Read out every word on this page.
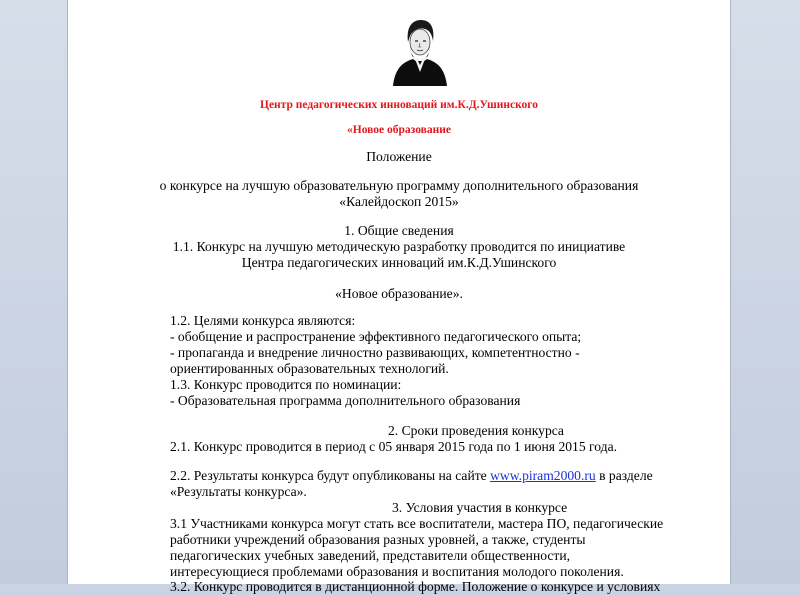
Центр педагогических инноваций им.К.Д.Ушинского
«Новое образование
Положение
о конкурсе на лучшую образовательную программу дополнительного образования
«Калейдоскоп 2015»
1. Общие сведения
1.1. Конкурс на лучшую методическую разработку проводится по инициативе
Центра педагогических инноваций им.К.Д.Ушинского
«Новое образование».
1.2. Целями конкурса являются:
- обобщение и распространение эффективного педагогического опыта;
- пропаганда и внедрение личностно развивающих, компетентностно -
ориентированных образовательных технологий.
1.3. Конкурс проводится по номинации:
- Образовательная программа дополнительного образования
2. Сроки проведения конкурса
2.1. Конкурс проводится в период с 05 января 2015 года по 1 июня 2015 года.
2.2. Результаты конкурса будут опубликованы на сайте www.piram2000.ru в разделе
«Результаты конкурса».
3. Условия участия в конкурсе
3.1 Участниками конкурса могут стать все воспитатели, мастера ПО, педагогические
работники учреждений образования разных уровней, а также, студенты
педагогических учебных заведений, представители общественности,
интересующиеся проблемами образования и воспитания молодого поколения.
3.2. Конкурс проводится в дистанционной форме. Положение о конкурсе и условиях
